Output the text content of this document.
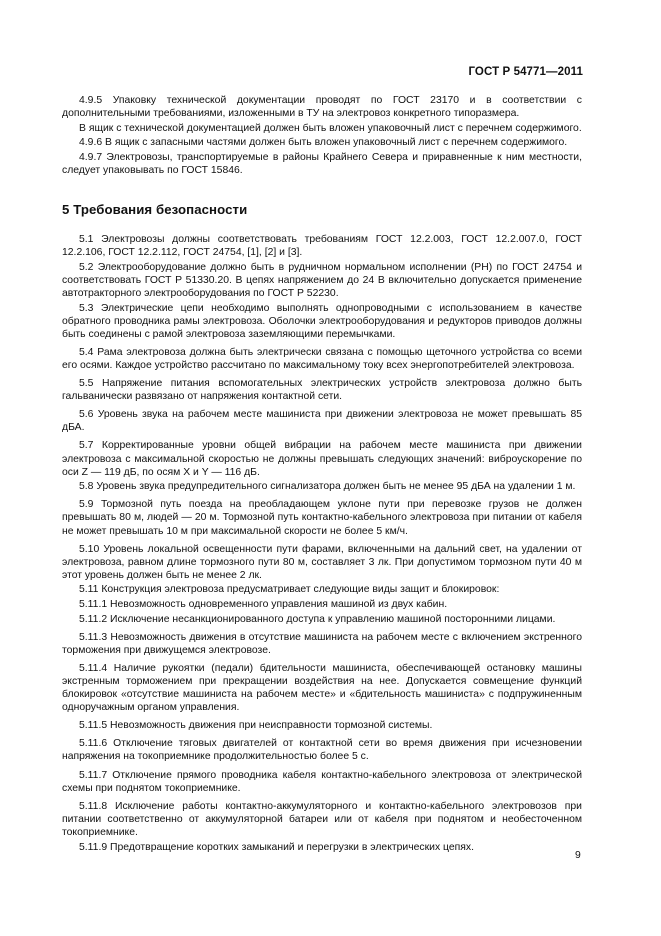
ГОСТ Р 54771—2011

4.9.5 Упаковку технической документации проводят по ГОСТ 23170 и в соответствии с дополнительными требованиями, изложенными в ТУ на электровоз конкретного типоразмера.

В ящик с технической документацией должен быть вложен упаковочный лист с перечнем содержимого.

4.9.6 В ящик с запасными частями должен быть вложен упаковочный лист с перечнем содержимого.

4.9.7 Электровозы, транспортируемые в районы Крайнего Севера и приравненные к ним местности, следует упаковывать по ГОСТ 15846.

5 Требования безопасности

5.1 Электровозы должны соответствовать требованиям ГОСТ 12.2.003, ГОСТ 12.2.007.0, ГОСТ 12.2.106, ГОСТ 12.2.112, ГОСТ 24754, [1], [2] и [3].

5.2 Электрооборудование должно быть в рудничном нормальном исполнении (PH) по ГОСТ 24754 и соответствовать ГОСТ Р 51330.20. В цепях напряжением до 24 В включительно допускается применение автотракторного электрооборудования по ГОСТ Р 52230.

5.3 Электрические цепи необходимо выполнять однопроводными с использованием в качестве обратного проводника рамы электровоза. Оболочки электрооборудования и редукторов приводов должны быть соединены с рамой электровоза заземляющими перемычками.

5.4 Рама электровоза должна быть электрически связана с помощью щеточного устройства со всеми его осями. Каждое устройство рассчитано по максимальному току всех энергопотребителей электровоза.

5.5 Напряжение питания вспомогательных электрических устройств электровоза должно быть гальванически развязано от напряжения контактной сети.

5.6 Уровень звука на рабочем месте машиниста при движении электровоза не может превышать 85 дБА.

5.7 Корректированные уровни общей вибрации на рабочем месте машиниста при движении электровоза с максимальной скоростью не должны превышать следующих значений: виброускорение по оси Z — 119 дБ, по осям X и Y — 116 дБ.

5.8 Уровень звука предупредительного сигнализатора должен быть не менее 95 дБА на удалении 1 м.

5.9 Тормозной путь поезда на преобладающем уклоне пути при перевозке грузов не должен превышать 80 м, людей — 20 м. Тормозной путь контактно-кабельного электровоза при питании от кабеля не может превышать 10 м при максимальной скорости не более 5 км/ч.

5.10 Уровень локальной освещенности пути фарами, включенными на дальний свет, на удалении от электровоза, равном длине тормозного пути 80 м, составляет 3 лк. При допустимом тормозном пути 40 м этот уровень должен быть не менее 2 лк.

5.11 Конструкция электровоза предусматривает следующие виды защит и блокировок:

5.11.1 Невозможность одновременного управления машиной из двух кабин.

5.11.2 Исключение несанкционированного доступа к управлению машиной посторонними лицами.

5.11.3 Невозможность движения в отсутствие машиниста на рабочем месте с включением экстренного торможения при движущемся электровозе.

5.11.4 Наличие рукоятки (педали) бдительности машиниста, обеспечивающей остановку машины экстренным торможением при прекращении воздействия на нее. Допускается совмещение функций блокировок «отсутствие машиниста на рабочем месте» и «бдительность машиниста» с подпружиненным одноручажным органом управления.

5.11.5 Невозможность движения при неисправности тормозной системы.

5.11.6 Отключение тяговых двигателей от контактной сети во время движения при исчезновении напряжения на токоприемнике продолжительностью более 5 с.

5.11.7 Отключение прямого проводника кабеля контактно-кабельного электровоза от электрической схемы при поднятом токоприемнике.

5.11.8 Исключение работы контактно-аккумуляторного и контактно-кабельного электровозов при питании соответственно от аккумуляторной батареи или от кабеля при поднятом и необесточенном токоприемнике.

5.11.9 Предотвращение коротких замыканий и перегрузки в электрических цепях.

9
